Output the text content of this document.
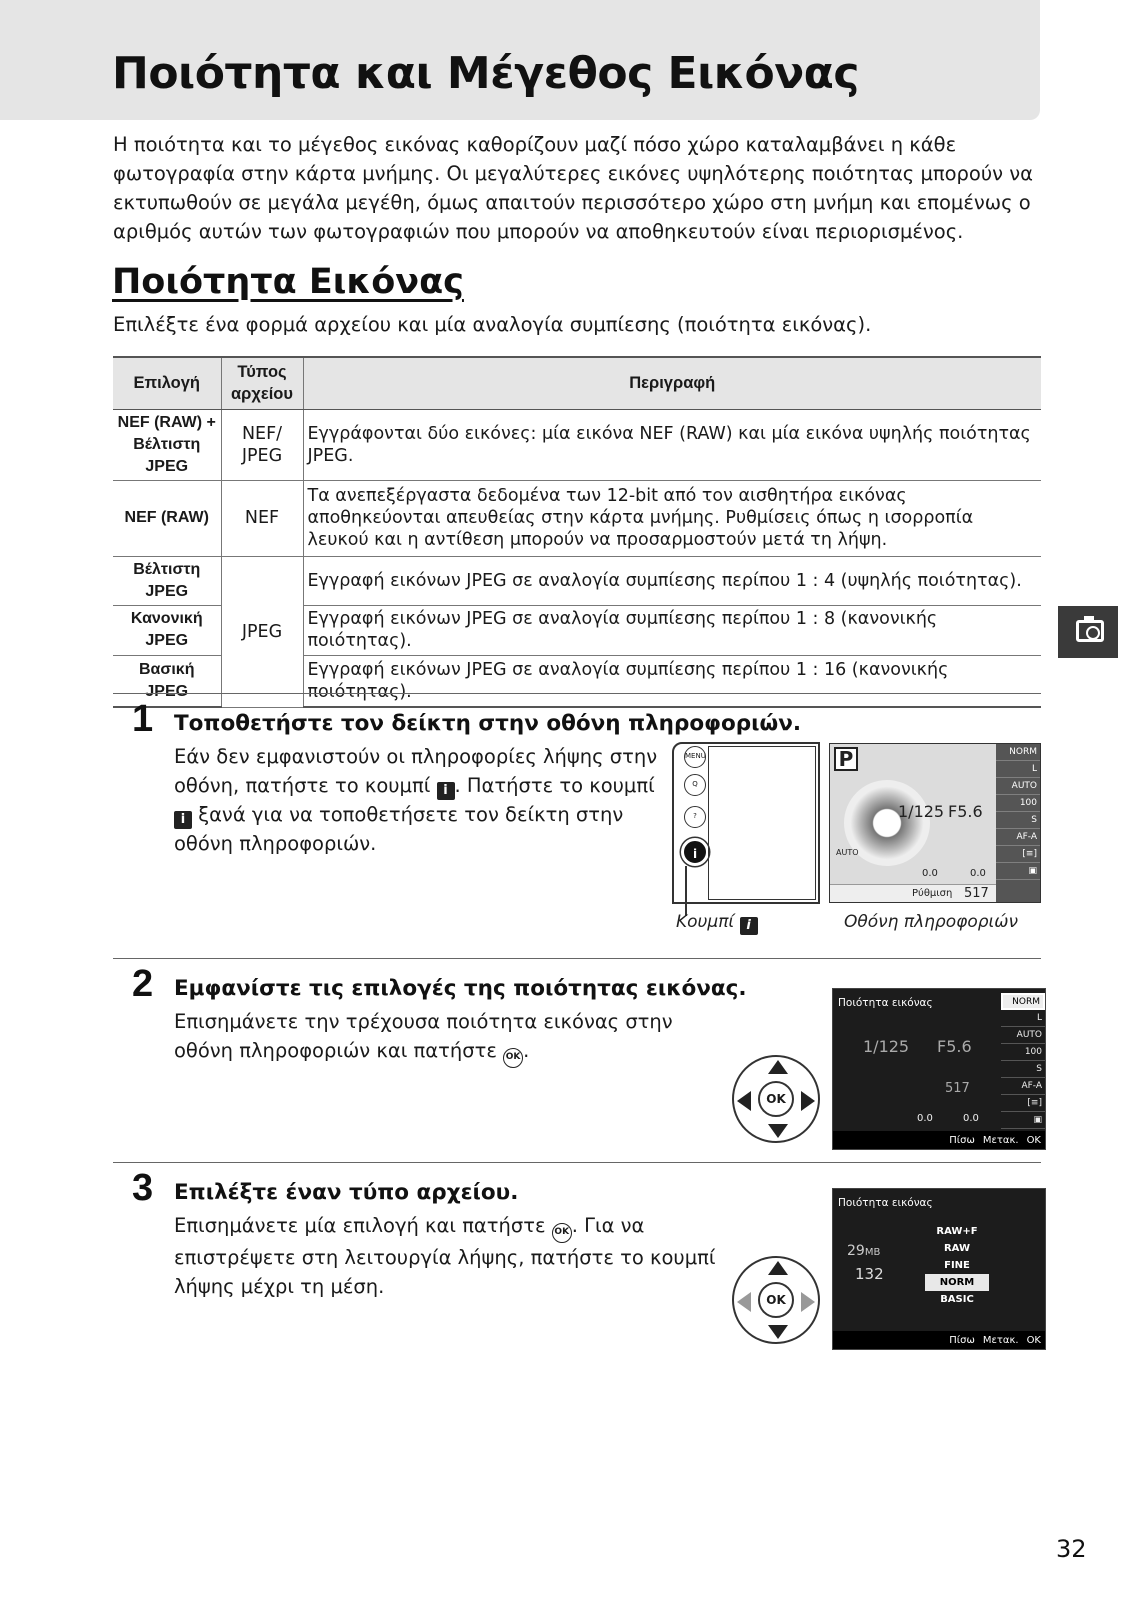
Ποιότητα και Μέγεθος Εικόνας

Η ποιότητα και το μέγεθος εικόνας καθορίζουν μαζί πόσο χώρο καταλαμβάνει η κάθε φωτογραφία στην κάρτα μνήμης. Οι μεγαλύτερες εικόνες υψηλότερης ποιότητας μπορούν να εκτυπωθούν σε μεγάλα μεγέθη, όμως απαιτούν περισσότερο χώρο στη μνήμη και επομένως ο αριθμός αυτών των φωτογραφιών που μπορούν να αποθηκευτούν είναι περιορισμένος.

Ποιότητα Εικόνας

Επιλέξτε ένα φορμά αρχείου και μία αναλογία συμπίεσης (ποιότητα εικόνας).

Επιλογή	Τύπος αρχείου	Περιγραφή
NEF (RAW) + Βέλτιστη JPEG	NEF/ JPEG	Εγγράφονται δύο εικόνες: μία εικόνα NEF (RAW) και μία εικόνα υψηλής ποιότητας JPEG.
NEF (RAW)	NEF	Τα ανεπεξέργαστα δεδομένα των 12-bit από τον αισθητήρα εικόνας αποθηκεύονται απευθείας στην κάρτα μνήμης. Ρυθμίσεις όπως η ισορροπία λευκού και η αντίθεση μπορούν να προσαρμοστούν μετά τη λήψη.
Βέλτιστη JPEG	JPEG	Εγγραφή εικόνων JPEG σε αναλογία συμπίεσης περίπου 1 : 4 (υψηλής ποιότητας).
Κανονική JPEG		Εγγραφή εικόνων JPEG σε αναλογία συμπίεσης περίπου 1 : 8 (κανονικής ποιότητας).
Βασική JPEG		Εγγραφή εικόνων JPEG σε αναλογία συμπίεσης περίπου 1 : 16 (κανονικής ποιότητας).
1 Τοποθετήστε τον δείκτη στην οθόνη πληροφοριών.
Εάν δεν εμφανιστούν οι πληροφορίες λήψης στην οθόνη, πατήστε το κουμπί i . Πατήστε το κουμπί i ξανά για να τοποθετήσετε τον δείκτη στην οθόνη πληροφοριών.
MENU
Q
?
i
Κουμπί i	Οθόνη πληροφοριών
P
1/125 F5.6
AUTO
0.0	0.0
Ρύθμιση 517
NORM
L
AUTO
100
S
AF-A
[≡]
▣
2 Εμφανίστε τις επιλογές της ποιότητας εικόνας.
Επισημάνετε την τρέχουσα ποιότητα εικόνας στην οθόνη πληροφοριών και πατήστε OK .
OK
Ποιότητα εικόνας
1/125 F5.6
517
0.0	0.0
NORM
L
AUTO
100
S
AF-A
[≡]
▣
Πίσω Μετακ. OK
3 Επιλέξτε έναν τύπο αρχείου.
Επισημάνετε μία επιλογή και πατήστε OK . Για να επιστρέψετε στη λειτουργία λήψης, πατήστε το κουμπί λήψης μέχρι τη μέση.
OK
Ποιότητα εικόνας
29MB
132
RAW+F
RAW
FINE
NORM
BASIC
Πίσω Μετακ. OK
32
